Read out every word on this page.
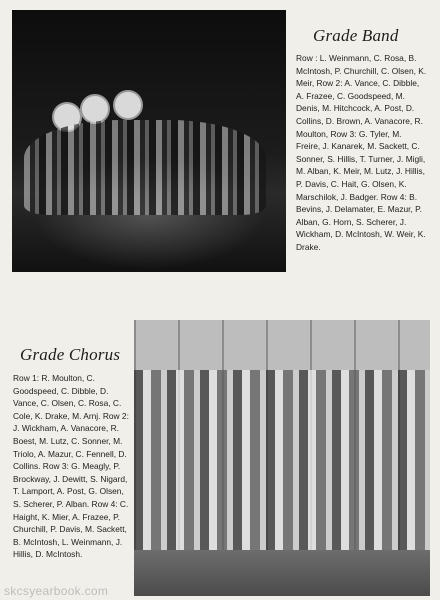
Grade Band
Row : L. Weinmann, C. Rosa, B. McIntosh, P. Churchill, C. Olsen, K. Meir, Row 2: A. Vance, C. Dibble, A. Frazee, C. Goodspeed, M. Denis, M. Hitchcock, A. Post, D. Collins, D. Brown, A. Vanacore, R. Moulton, Row 3: G. Tyler, M. Freire, J. Kanarek, M. Sackett, C. Sonner, S. Hillis, T. Turner, J. Migli, M. Alban, K. Meir, M. Lutz, J. Hillis, P. Davis, C. Hait, G. Olsen, K. Marschilok, J. Badger. Row 4: B. Bevins, J. Delamater, E. Mazur, P. Alban, G. Horn, S. Scherer, J. Wickham, D. McIntosh, W. Weir, K. Drake.
Grade Chorus
Row 1: R. Moulton, C. Goodspeed, C. Dibble, D. Vance, C. Olsen, C. Rosa, C. Cole, K. Drake, M. Arnj. Row 2: J. Wickham, A. Vanacore, R. Boest, M. Lutz, C. Sonner, M. Triolo, A. Mazur, C. Fennell, D. Collins. Row 3: G. Meagly, P. Brockway, J. Dewitt, S. Nigard, T. Lamport, A. Post, G. Olsen, S. Scherer, P. Alban. Row 4: C. Haight, K. Mier, A. Frazee, P. Churchill, P. Davis, M. Sackett, B. McIntosh, L. Weinmann, J. Hillis, D. McIntosh.
skcsyearbook.com
